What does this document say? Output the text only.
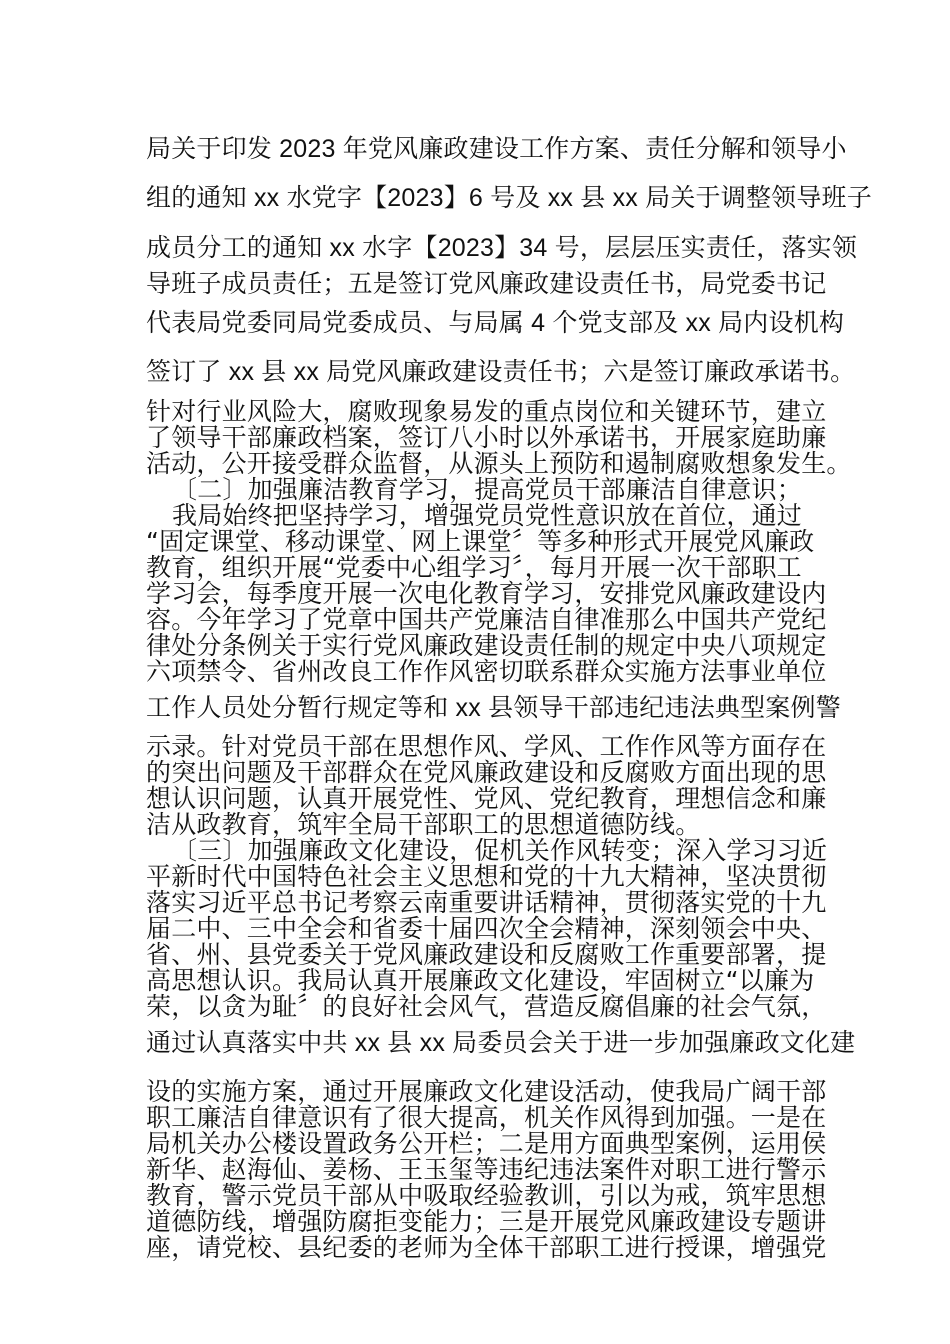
局关于印发 2023 年党风廉政建设工作方案、责任分解和领导小
组的通知 xx 水党字【2023】6 号及 xx 县 xx 局关于调整领导班子
成员分工的通知 xx 水字【2023】34 号，层层压实责任，落实领
导班子成员责任；五是签订党风廉政建设责任书，局党委书记
代表局党委同局党委成员、与局属 4 个党支部及 xx 局内设机构
签订了 xx 县 xx 局党风廉政建设责任书；六是签订廉政承诺书。
针对行业风险大，腐败现象易发的重点岗位和关键环节，建立
了领导干部廉政档案，签订八小时以外承诺书，开展家庭助廉
活动，公开接受群众监督，从源头上预防和遏制腐败想象发生。
〔二〕加强廉洁教育学习，提高党员干部廉洁自律意识；
我局始终把坚持学习，增强党员党性意识放在首位，通过
“固定课堂、移动课堂、网上课堂〞等多种形式开展党风廉政
教育，组织开展“党委中心组学习〞，每月开展一次干部职工
学习会，每季度开展一次电化教育学习，安排党风廉政建设内
容。今年学习了党章中国共产党廉洁自律准那么中国共产党纪
律处分条例关于实行党风廉政建设责任制的规定中央八项规定
六项禁令、省州改良工作作风密切联系群众实施方法事业单位
工作人员处分暂行规定等和 xx 县领导干部违纪违法典型案例警
示录。针对党员干部在思想作风、学风、工作作风等方面存在
的突出问题及干部群众在党风廉政建设和反腐败方面出现的思
想认识问题，认真开展党性、党风、党纪教育，理想信念和廉
洁从政教育，筑牢全局干部职工的思想道德防线。
〔三〕加强廉政文化建设，促机关作风转变；深入学习习近
平新时代中国特色社会主义思想和党的十九大精神，坚决贯彻
落实习近平总书记考察云南重要讲话精神，贯彻落实党的十九
届二中、三中全会和省委十届四次全会精神，深刻领会中央、
省、州、县党委关于党风廉政建设和反腐败工作重要部署，提
高思想认识。我局认真开展廉政文化建设，牢固树立“以廉为
荣，以贪为耻〞的良好社会风气，营造反腐倡廉的社会气氛，
通过认真落实中共 xx 县 xx 局委员会关于进一步加强廉政文化建
设的实施方案，通过开展廉政文化建设活动，使我局广阔干部
职工廉洁自律意识有了很大提高，机关作风得到加强。一是在
局机关办公楼设置政务公开栏；二是用方面典型案例，运用侯
新华、赵海仙、姜杨、王玉玺等违纪违法案件对职工进行警示
教育，警示党员干部从中吸取经验教训，引以为戒，筑牢思想
道德防线，增强防腐拒变能力；三是开展党风廉政建设专题讲
座，请党校、县纪委的老师为全体干部职工进行授课，增强党
